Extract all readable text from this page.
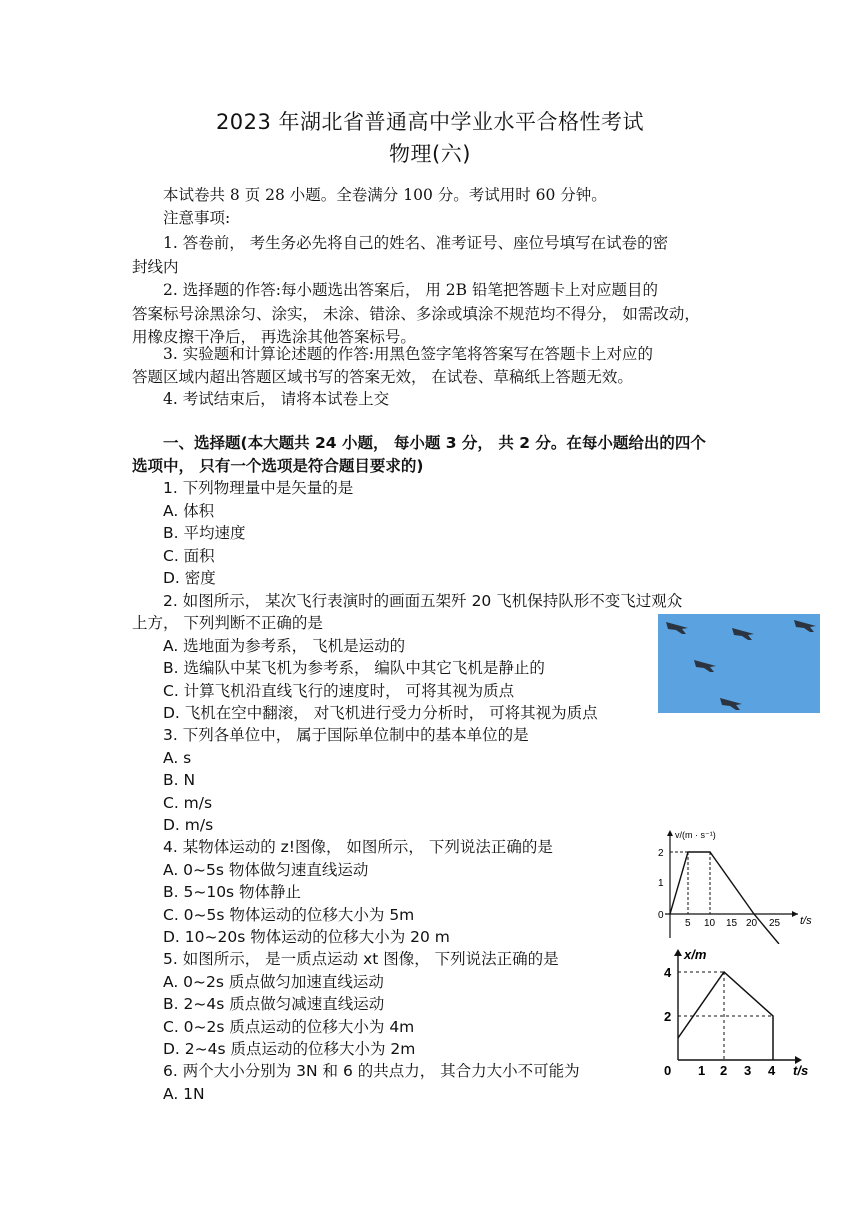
2023 年湖北省普通高中学业水平合格性考试
物理(六)
本试卷共 8 页 28 小题。全卷满分 100 分。考试用时 60 分钟。
注意事项:
1. 答卷前， 考生务必先将自己的姓名、准考证号、座位号填写在试卷的密
封线内
2. 选择题的作答:每小题选出答案后， 用 2B 铅笔把答题卡上对应题目的
答案标号涂黑涂匀、涂实， 未涂、错涂、多涂或填涂不规范均不得分， 如需改动，
用橡皮擦干净后， 再选涂其他答案标号。
3. 实验题和计算论述题的作答:用黑色签字笔将答案写在答题卡上对应的
答题区域内超出答题区域书写的答案无效， 在试卷、草稿纸上答题无效。
4. 考试结束后， 请将本试卷上交
一、选择题(本大题共 24 小题， 每小题 3 分， 共 2 分。在每小题给出的四个
选项中， 只有一个选项是符合题目要求的)
1. 下列物理量中是矢量的是
A. 体积
B. 平均速度
C. 面积
D. 密度
2. 如图所示， 某次飞行表演时的画面五架歼 20 飞机保持队形不变飞过观众
上方， 下列判断不正确的是
A. 选地面为参考系， 飞机是运动的
B. 选编队中某飞机为参考系， 编队中其它飞机是静止的
C. 计算飞机沿直线飞行的速度时， 可将其视为质点
D. 飞机在空中翻滚， 对飞机进行受力分析时， 可将其视为质点
3. 下列各单位中， 属于国际单位制中的基本单位的是
A. s
B. N
C. m/s
D. m/s
4. 某物体运动的 z!图像， 如图所示， 下列说法正确的是
A. 0~5s 物体做匀速直线运动
B. 5~10s 物体静止
C. 0~5s 物体运动的位移大小为 5m
D. 10~20s 物体运动的位移大小为 20 m
5. 如图所示， 是一质点运动 xt 图像， 下列说法正确的是
A. 0~2s 质点做匀加速直线运动
B. 2~4s 质点做匀减速直线运动
C. 0~2s 质点运动的位移大小为 4m
D. 2~4s 质点运动的位移大小为 2m
6. 两个大小分别为 3N 和 6 的共点力， 其合力大小不可能为
A. 1N
v/(m · s⁻¹)
t/s
1
2
0
5 10 15 20 25
x/m
t/s
4
2
0 1 2 3 4
